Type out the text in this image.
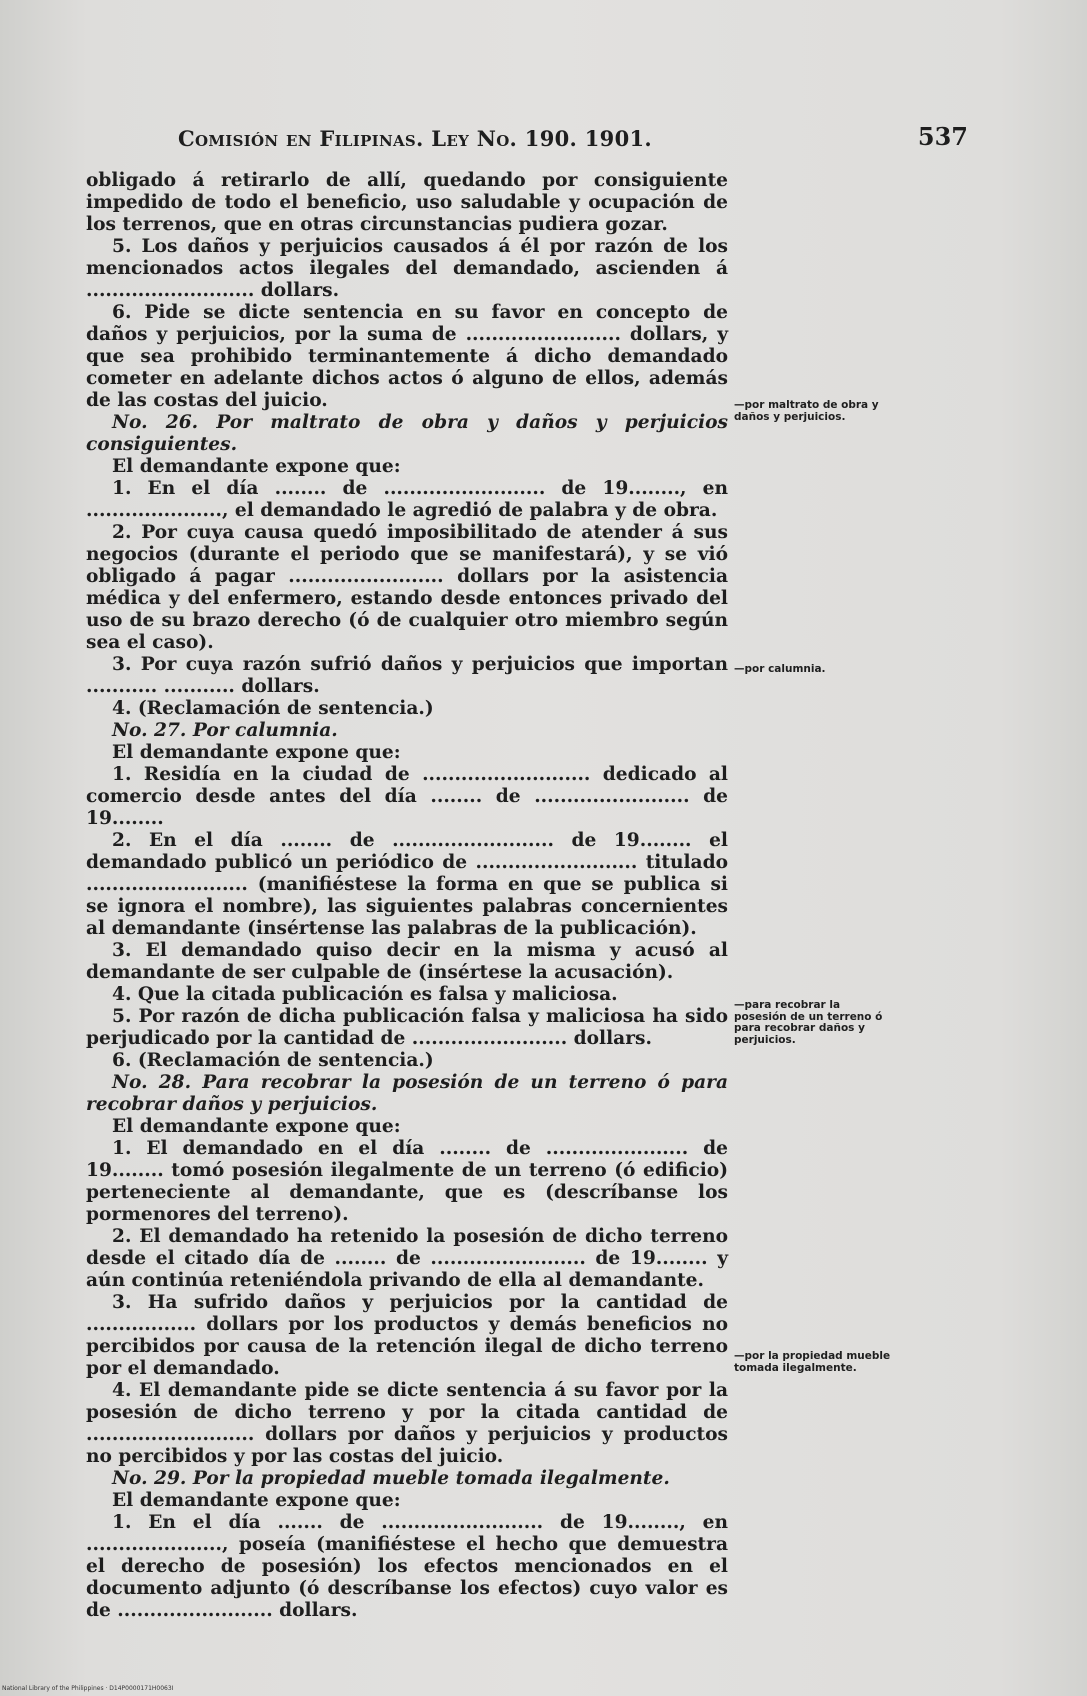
Comisión en Filipinas. Ley No. 190. 1901.	537

obligado á retirarlo de allí, quedando por consiguiente impedido de todo el beneficio, uso saludable y ocupación de los terrenos, que en otras circunstancias pudiera gozar.

5. Los daños y perjuicios causados á él por razón de los mencionados actos ilegales del demandado, ascienden á .......................... dollars.

6. Pide se dicte sentencia en su favor en concepto de daños y perjuicios, por la suma de ........................ dollars, y que sea prohibido terminantemente á dicho demandado cometer en adelante dichos actos ó alguno de ellos, además de las costas del juicio.

No. 26. Por maltrato de obra y daños y perjuicios consiguientes.

El demandante expone que:

1. En el día ........ de ......................... de 19........, en ....................., el demandado le agredió de palabra y de obra.

2. Por cuya causa quedó imposibilitado de atender á sus negocios (durante el periodo que se manifestará), y se vió obligado á pagar ........................ dollars por la asistencia médica y del enfermero, estando desde entonces privado del uso de su brazo derecho (ó de cualquier otro miembro según sea el caso).

3. Por cuya razón sufrió daños y perjuicios que importan ........... ........... dollars.

4. (Reclamación de sentencia.)

No. 27. Por calumnia.

El demandante expone que:

1. Residía en la ciudad de .......................... dedicado al comercio desde antes del día ........ de ........................ de 19........

2. En el día ........ de ......................... de 19........ el demandado publicó un periódico de ......................... titulado ......................... (manifiéstese la forma en que se publica si se ignora el nombre), las siguientes palabras concernientes al demandante (insértense las palabras de la publicación).

3. El demandado quiso decir en la misma y acusó al demandante de ser culpable de (insértese la acusación).

4. Que la citada publicación es falsa y maliciosa.

5. Por razón de dicha publicación falsa y maliciosa ha sido perjudicado por la cantidad de ........................ dollars.

6. (Reclamación de sentencia.)

No. 28. Para recobrar la posesión de un terreno ó para recobrar daños y perjuicios.

El demandante expone que:

1. El demandado en el día ........ de ...................... de 19........ tomó posesión ilegalmente de un terreno (ó edificio) perteneciente al demandante, que es (descríbanse los pormenores del terreno).

2. El demandado ha retenido la posesión de dicho terreno desde el citado día de ........ de ........................ de 19........ y aún continúa reteniéndola privando de ella al demandante.

3. Ha sufrido daños y perjuicios por la cantidad de ................. dollars por los productos y demás beneficios no percibidos por causa de la retención ilegal de dicho terreno por el demandado.

4. El demandante pide se dicte sentencia á su favor por la posesión de dicho terreno y por la citada cantidad de .......................... dollars por daños y perjuicios y productos no percibidos y por las costas del juicio.

No. 29. Por la propiedad mueble tomada ilegalmente.

El demandante expone que:

1. En el día ....... de ......................... de 19........, en ....................., poseía (manifiéstese el hecho que demuestra el derecho de posesión) los efectos mencionados en el documento adjunto (ó descríbanse los efectos) cuyo valor es de ........................ dollars.

—por maltrato de obra y daños y perjuicios.
—por calumnia.
—para recobrar la posesión de un terreno ó para recobrar daños y perjuicios.
—por la propiedad mueble tomada ilegalmente.
National Library of the Philippines · D14P0000171H0063I
